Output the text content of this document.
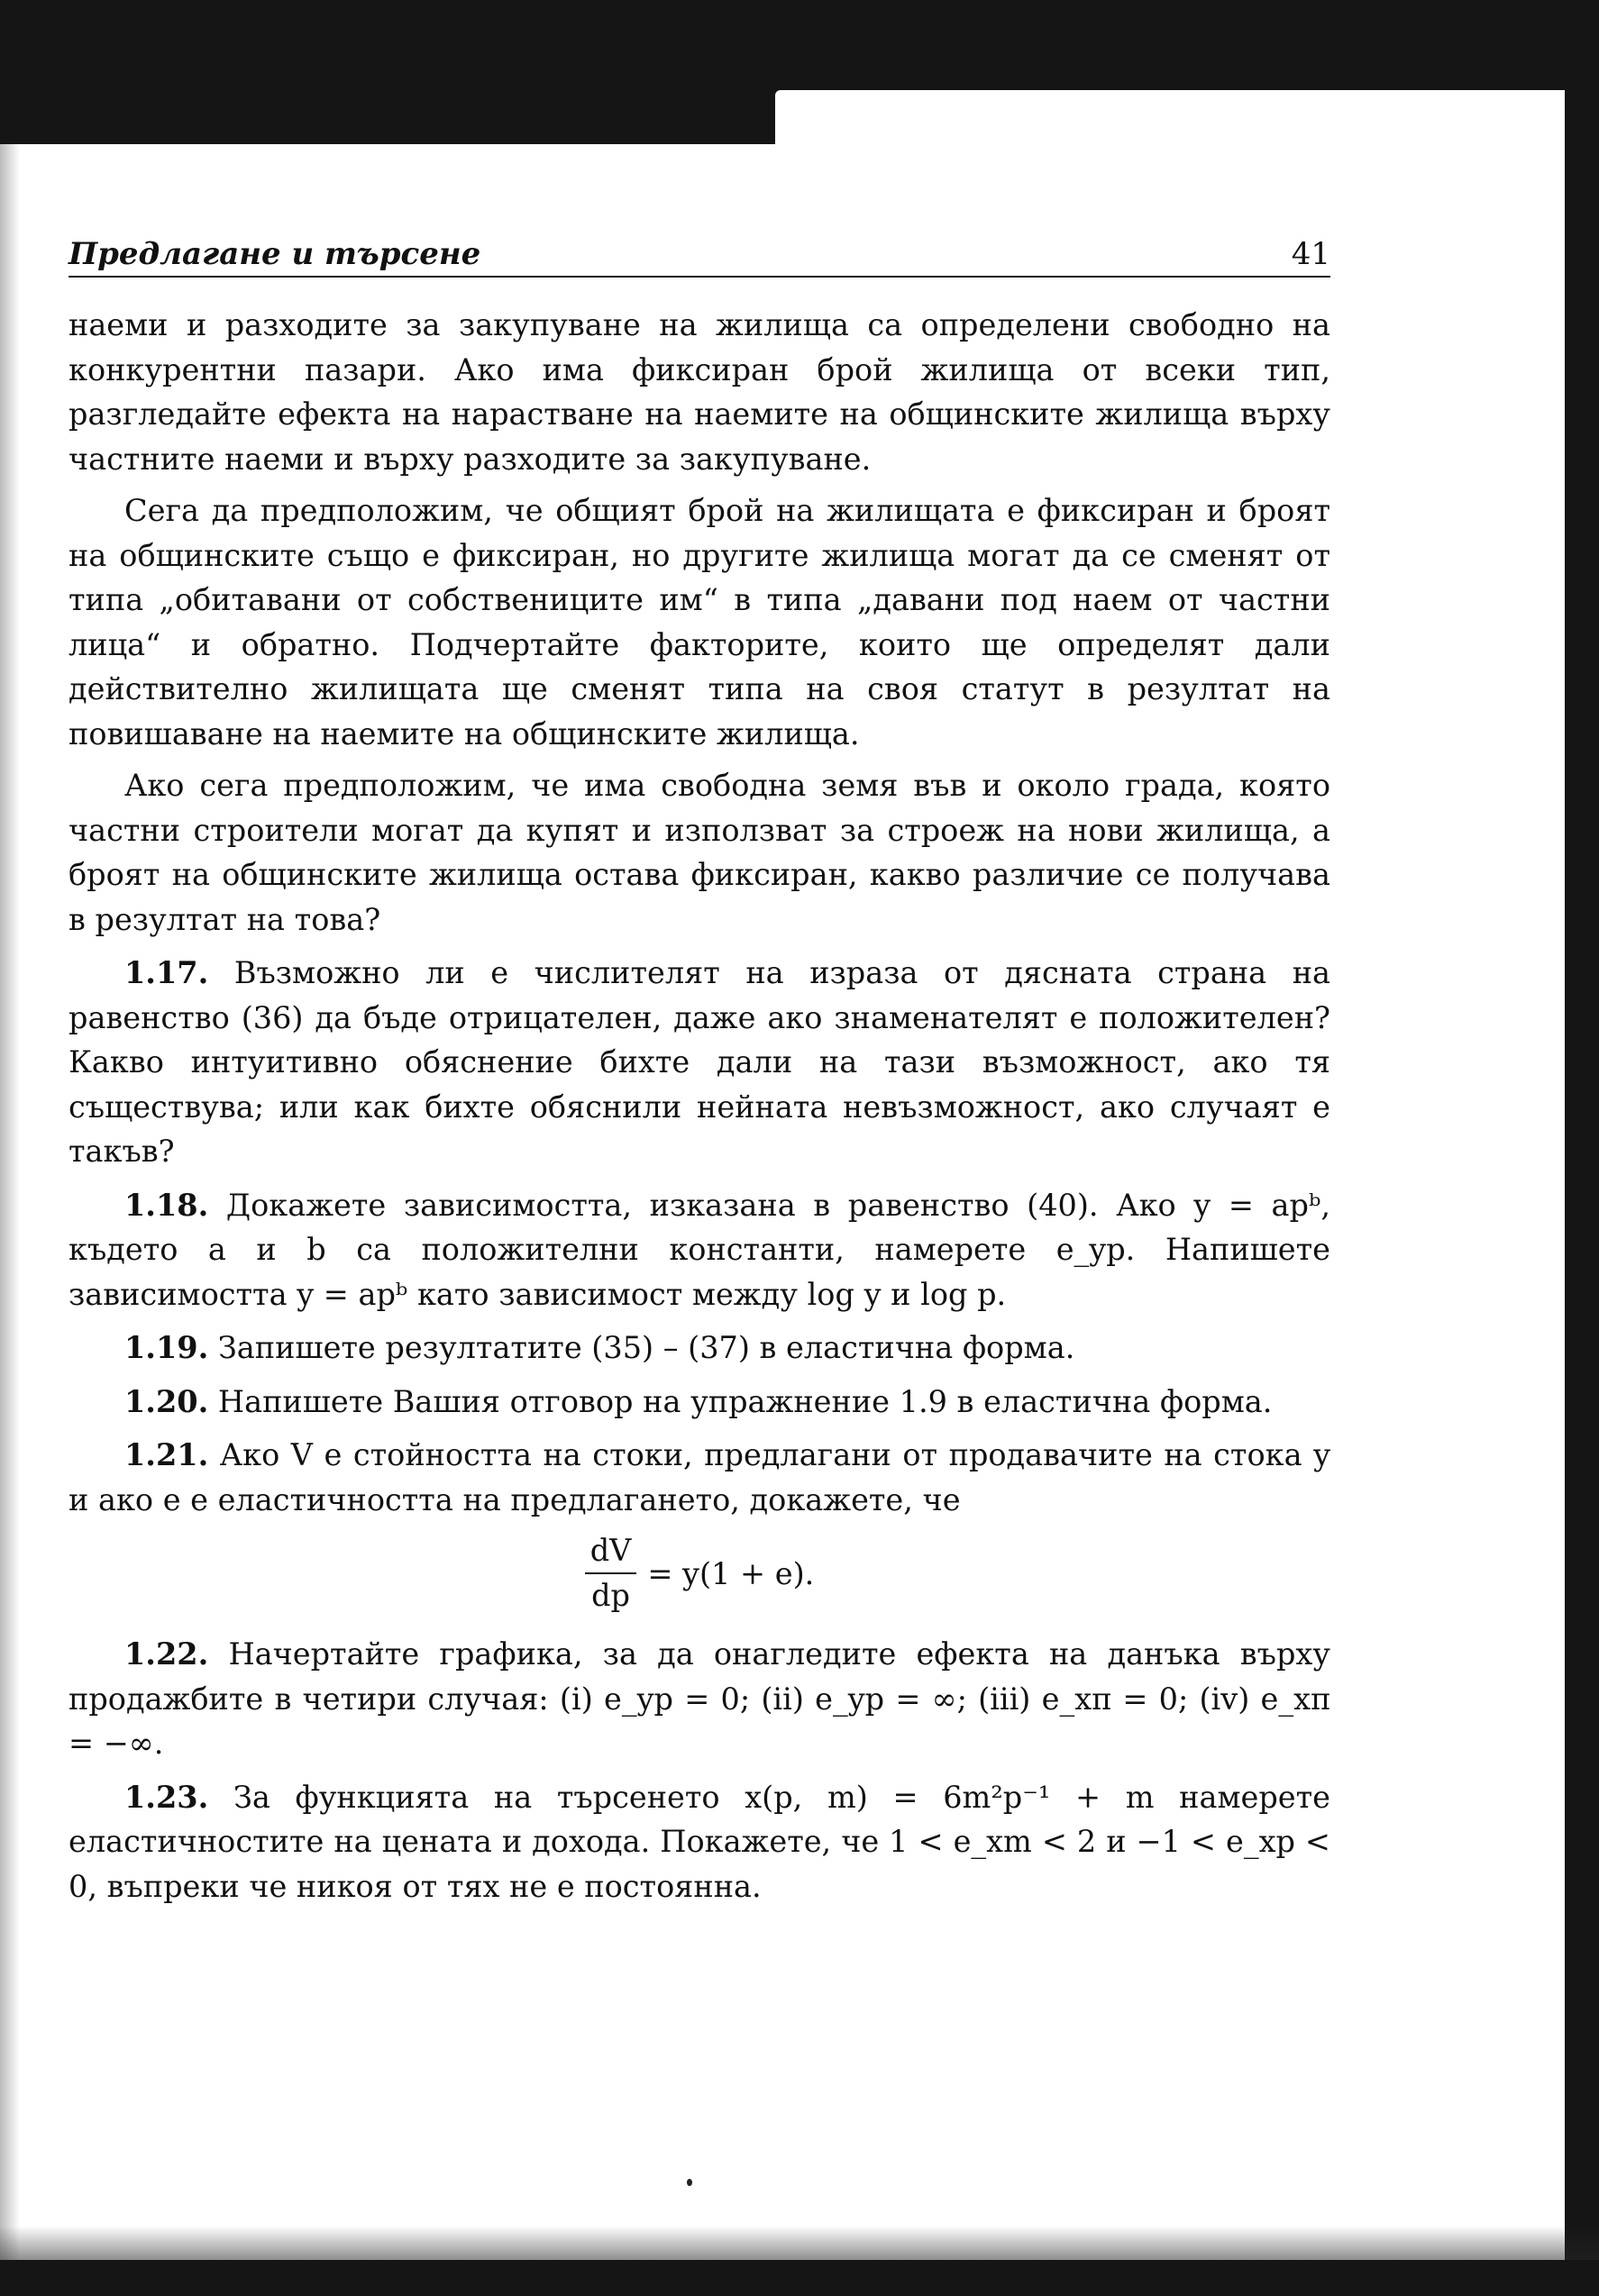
Предлагане и търсене	41

наеми и разходите за закупуване на жилища са определени свободно на конкурентни пазари. Ако има фиксиран брой жилища от всеки тип, разгледайте ефекта на нарастване на наемите на общинските жилища върху частните наеми и върху разходите за закупуване.

Сега да предположим, че общият брой на жилищата е фиксиран и броят на общинските също е фиксиран, но другите жилища могат да се сменят от типа „обитавани от собствениците им“ в типа „давани под наем от частни лица“ и обратно. Подчертайте факторите, които ще определят дали действително жилищата ще сменят типа на своя статут в резултат на повишаване на наемите на общинските жилища.

Ако сега предположим, че има свободна земя във и около града, която частни строители могат да купят и използват за строеж на нови жилища, а броят на общинските жилища остава фиксиран, какво различие се получава в резултат на това?

1.17. Възможно ли е числителят на израза от дясната страна на равенство (36) да бъде отрицателен, даже ако знаменателят е положителен? Какво интуитивно обяснение бихте дали на тази възможност, ако тя съществува; или как бихте обяснили нейната невъзможност, ако случаят е такъв?

1.18. Докажете зависимостта, изказана в равенство (40). Ако y = apᵇ, където a и b са положителни константи, намерете e_yp. Напишете зависимостта y = apᵇ като зависимост между log y и log p.

1.19. Запишете резултатите (35) – (37) в еластична форма.

1.20. Напишете Вашия отговор на упражнение 1.9 в еластична форма.

1.21. Ако V е стойността на стоки, предлагани от продавачите на стока y и ако e е еластичността на предлагането, докажете, че

$\frac{dV}{dp} = y(1 + e)$.

1.22. Начертайте графика, за да онагледите ефекта на данъка върху продажбите в четири случая: (i) e_yp = 0; (ii) e_yp = ∞; (iii) e_xπ = 0; (iv) e_xπ = −∞.

1.23. За функцията на търсенето x(p, m) = 6m²p⁻¹ + m намерете еластичностите на цената и дохода. Покажете, че 1 < e_xm < 2 и −1 < e_xp < 0, въпреки че никоя от тях не е постоянна.
